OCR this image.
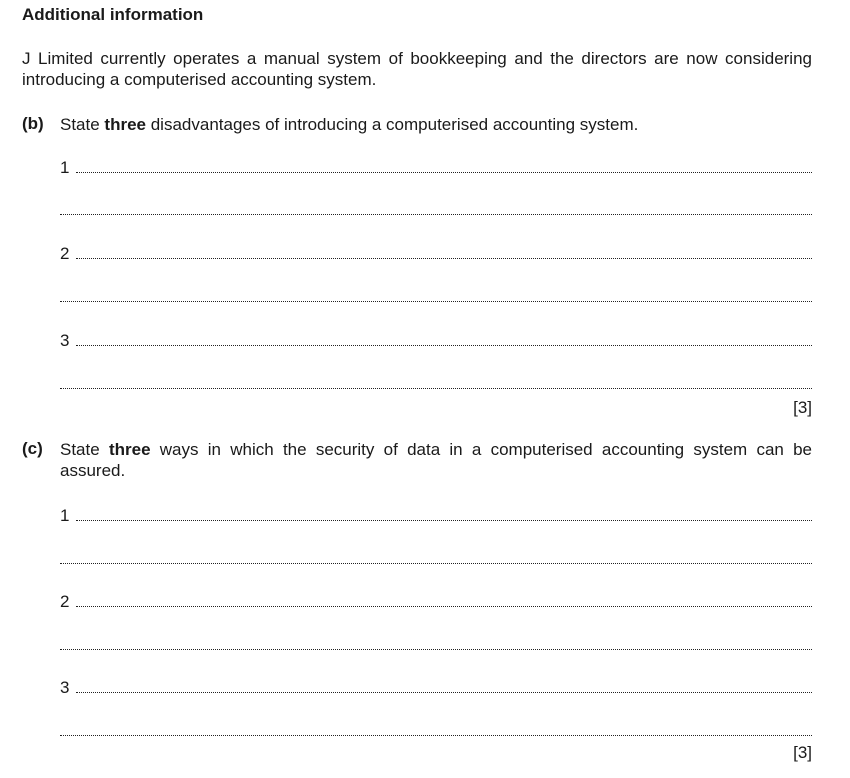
Additional information
J Limited currently operates a manual system of bookkeeping and the directors are now considering introducing a computerised accounting system.
(b) State three disadvantages of introducing a computerised accounting system.
1
2
3
[3]
(c) State three ways in which the security of data in a computerised accounting system can be assured.
1
2
3
[3]
